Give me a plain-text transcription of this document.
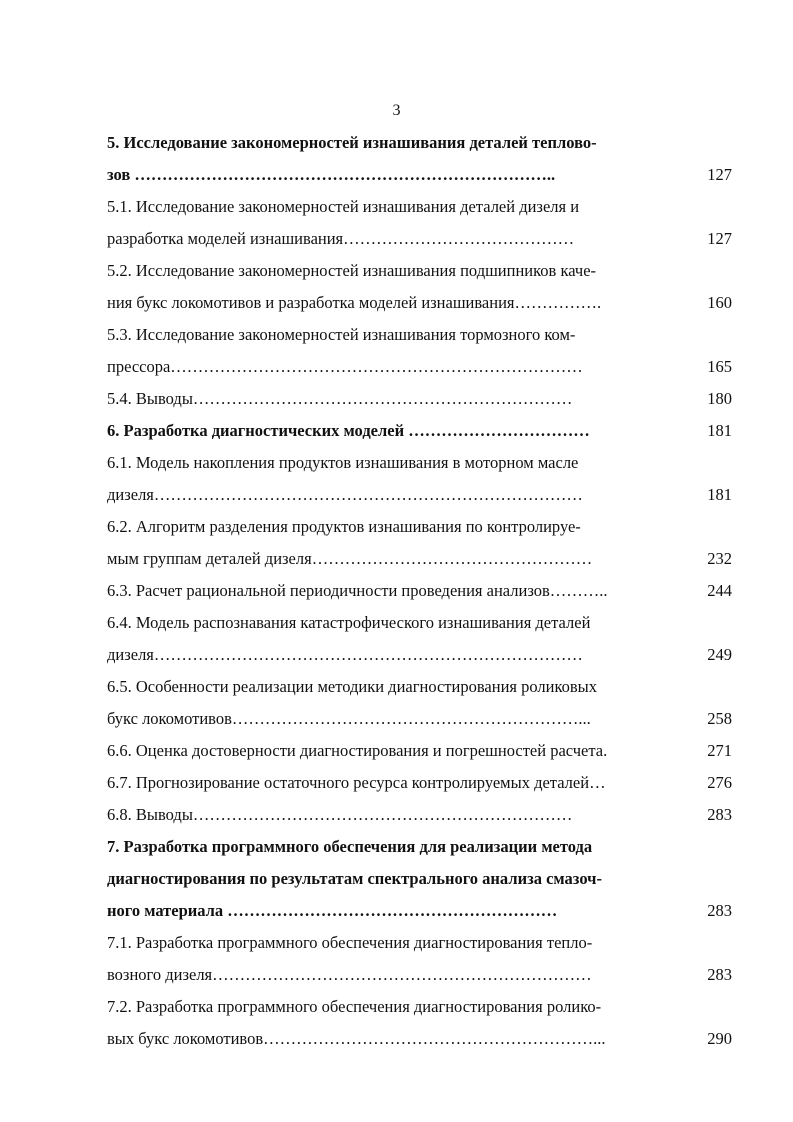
3
5. Исследование закономерностей изнашивания деталей теплово-
зов …………………………………………………………………..	127
5.1. Исследование закономерностей изнашивания деталей дизеля и
разработка моделей изнашивания……………………………………	127
5.2. Исследование закономерностей изнашивания подшипников каче-
ния букс локомотивов и разработка моделей изнашивания…………….	160
5.3. Исследование закономерностей изнашивания тормозного ком-
прессора…………………………………………………………………	165
5.4. Выводы……………………………………………………………	180
6. Разработка диагностических моделей ……………………………	181
6.1. Модель накопления продуктов изнашивания в моторном масле
дизеля……………………………………………………………………	181
6.2. Алгоритм разделения продуктов изнашивания по контролируе-
мым группам деталей дизеля……………………………………………	232
6.3. Расчет рациональной периодичности проведения анализов………..	244
6.4. Модель распознавания катастрофического изнашивания деталей
дизеля……………………………………………………………………	249
6.5. Особенности реализации методики диагностирования роликовых
букс локомотивов………………………………………………………...	258
6.6. Оценка достоверности диагностирования и погрешностей расчета.	271
6.7. Прогнозирование остаточного ресурса контролируемых деталей…	276
6.8. Выводы……………………………………………………………	283
7. Разработка программного обеспечения для реализации метода
диагностирования по результатам спектрального анализа смазоч-
ного материала ……………………………………………………	283
7.1. Разработка программного обеспечения диагностирования тепло-
возного дизеля……………………………………………………………	283
7.2. Разработка программного обеспечения диагностирования ролико-
вых букс локомотивов……………………………………………………...	290
